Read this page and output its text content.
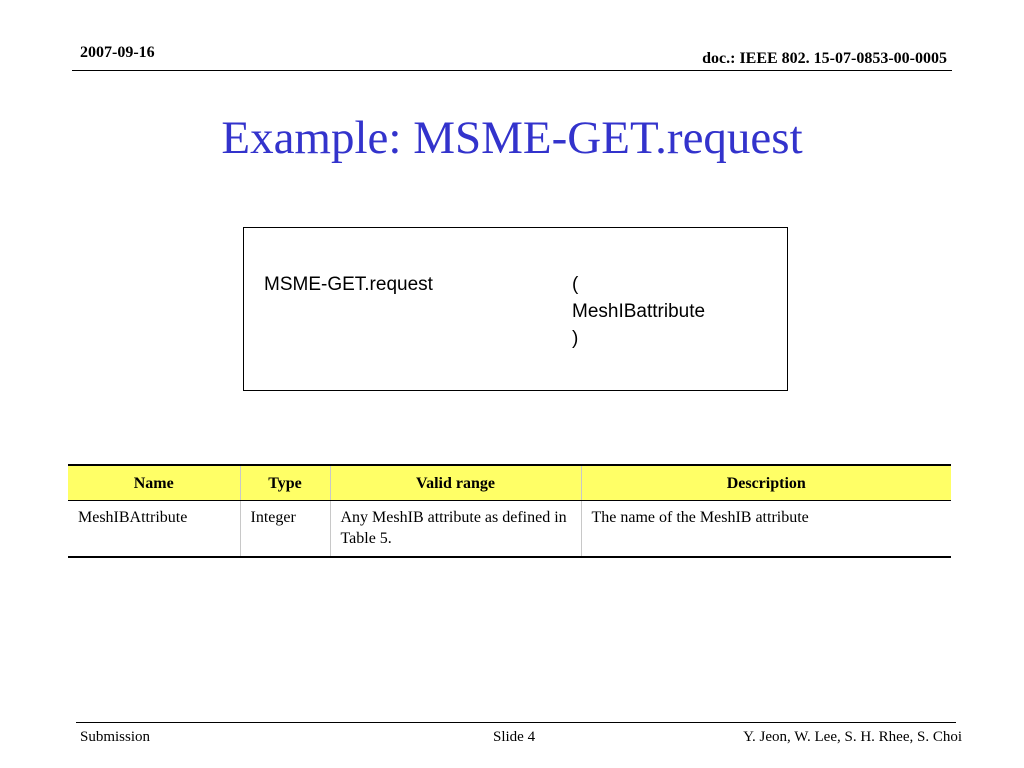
2007-09-16	doc.: IEEE 802. 15-07-0853-00-0005
Example: MSME-GET.request
MSME-GET.request	(
MeshIBattribute
)
Name	Type	Valid range	Description
MeshIBAttribute	Integer	Any MeshIB attribute as defined in Table 5.	The name of the MeshIB attribute
Submission	Slide 4	Y. Jeon, W. Lee, S. H. Rhee, S. Choi
